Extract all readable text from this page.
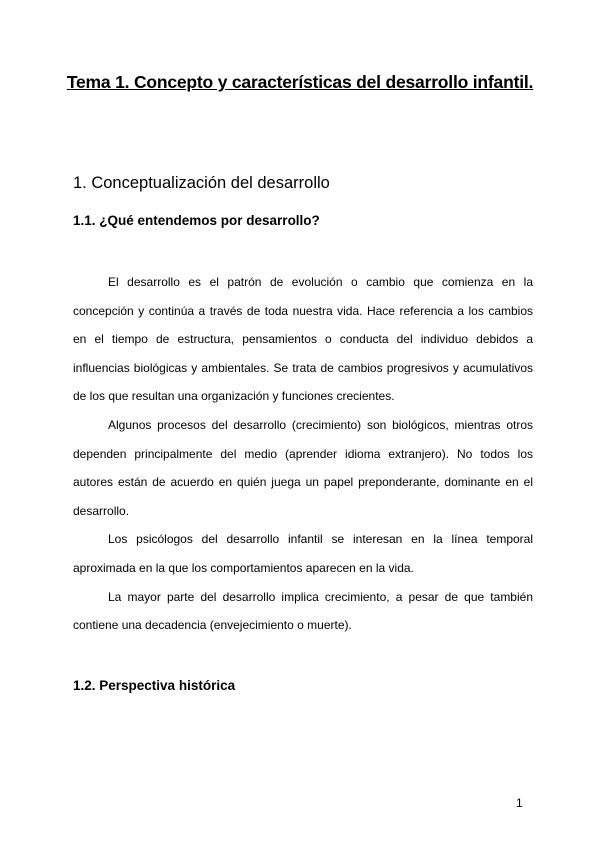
Tema 1. Concepto y características del desarrollo infantil.
1. Conceptualización del desarrollo
1.1. ¿Qué entendemos por desarrollo?

El desarrollo es el patrón de evolución o cambio que comienza en la concepción y continúa a través de toda nuestra vida. Hace referencia a los cambios en el tiempo de estructura, pensamientos o conducta del individuo debidos a influencias biológicas y ambientales. Se trata de cambios progresivos y acumulativos de los que resultan una organización y funciones crecientes.

Algunos procesos del desarrollo (crecimiento) son biológicos, mientras otros dependen principalmente del medio (aprender idioma extranjero). No todos los autores están de acuerdo en quién juega un papel preponderante, dominante en el desarrollo.

Los psicólogos del desarrollo infantil se interesan en la línea temporal aproximada en la que los comportamientos aparecen en la vida.

La mayor parte del desarrollo implica crecimiento, a pesar de que también contiene una decadencia (envejecimiento o muerte).

1.2. Perspectiva histórica
1
